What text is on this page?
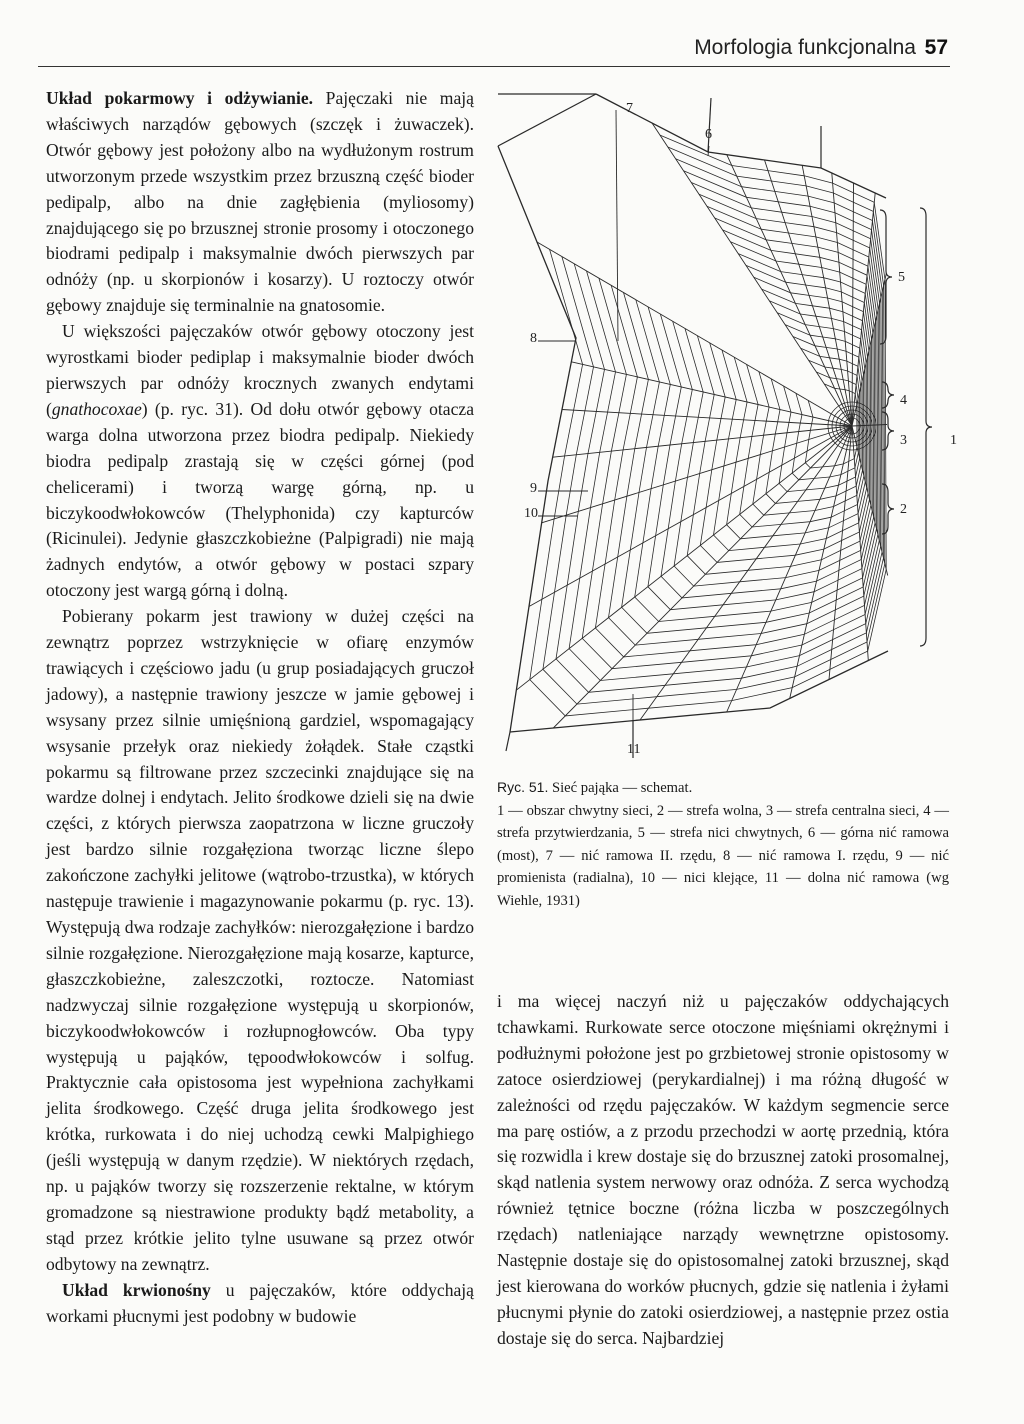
Morfologia funkcjonalna 57

Układ pokarmowy i odżywianie. Pajęczaki nie mają właściwych narządów gębowych (szczęk i żuwaczek). Otwór gębowy jest położony albo na wydłużonym rostrum utworzonym przede wszystkim przez brzuszną część bioder pedipalp, albo na dnie zagłębienia (myliosomy) znajdującego się po brzusznej stronie prosomy i otoczonego biodrami pedipalp i maksymalnie dwóch pierwszych par odnóży (np. u skorpionów i kosarzy). U roztoczy otwór gębowy znajduje się terminalnie na gnatosomie.

U większości pajęczaków otwór gębowy otoczony jest wyrostkami bioder pediplap i maksymalnie bioder dwóch pierwszych par odnóży krocznych zwanych endytami (gnathocoxae) (p. ryc. 31). Od dołu otwór gębowy otacza warga dolna utworzona przez biodra pedipalp. Niekiedy biodra pedipalp zrastają się w części górnej (pod chelicerami) i tworzą wargę górną, np. u biczykoodwłokowców (Thelyphonida) czy kapturców (Ricinulei). Jedynie głaszczkobieżne (Palpigradi) nie mają żadnych endytów, a otwór gębowy w postaci szpary otoczony jest wargą górną i dolną.

Pobierany pokarm jest trawiony w dużej części na zewnątrz poprzez wstrzyknięcie w ofiarę enzymów trawiących i częściowo jadu (u grup posiadających gruczoł jadowy), a następnie trawiony jeszcze w jamie gębowej i wsysany przez silnie umięśnioną gardziel, wspomagający wsysanie przełyk oraz niekiedy żołądek. Stałe cząstki pokarmu są filtrowane przez szczecinki znajdujące się na wardze dolnej i endytach. Jelito środkowe dzieli się na dwie części, z których pierwsza zaopatrzona w liczne gruczoły jest bardzo silnie rozgałęziona tworząc liczne ślepo zakończone zachyłki jelitowe (wątrobo-trzustka), w których następuje trawienie i magazynowanie pokarmu (p. ryc. 13). Występują dwa rodzaje zachyłków: nierozgałęzione i bardzo silnie rozgałęzione. Nierozgałęzione mają kosarze, kapturce, głaszczkobieżne, zaleszczotki, roztocze. Natomiast nadzwyczaj silnie rozgałęzione występują u skorpionów, biczykoodwłokowców i rozłupnogłowców. Oba typy występują u pająków, tępoodwłokowców i solfug. Praktycznie cała opistosoma jest wypełniona zachyłkami jelita środkowego. Część druga jelita środkowego jest krótka, rurkowata i do niej uchodzą cewki Malpighiego (jeśli występują w danym rzędzie). W niektórych rzędach, np. u pająków tworzy się rozszerzenie rektalne, w którym gromadzone są niestrawione produkty bądź metabolity, a stąd przez krótkie jelito tylne usuwane są przez otwór odbytowy na zewnątrz.

Układ krwionośny u pajęczaków, które oddychają workami płucnymi jest podobny w budowie

1
2
3
4
5
6
7
8
9
10
11
Ryc. 51. Sieć pająka — schemat.
1 — obszar chwytny sieci, 2 — strefa wolna, 3 — strefa centralna sieci, 4 — strefa przytwierdzania, 5 — strefa nici chwytnych, 6 — górna nić ramowa (most), 7 — nić ramowa II. rzędu, 8 — nić ramowa I. rzędu, 9 — nić promienista (radialna), 10 — nici klejące, 11 — dolna nić ramowa (wg Wiehle, 1931)

i ma więcej naczyń niż u pajęczaków oddychających tchawkami. Rurkowate serce otoczone mięśniami okrężnymi i podłużnymi położone jest po grzbietowej stronie opistosomy w zatoce osierdziowej (perykardialnej) i ma różną długość w zależności od rzędu pajęczaków. W każdym segmencie serce ma parę ostiów, a z przodu przechodzi w aortę przednią, która się rozwidla i krew dostaje się do brzusznej zatoki prosomalnej, skąd natlenia system nerwowy oraz odnóża. Z serca wychodzą również tętnice boczne (różna liczba w poszczególnych rzędach) natleniające narządy wewnętrzne opistosomy. Następnie dostaje się do opistosomalnej zatoki brzusznej, skąd jest kierowana do worków płucnych, gdzie się natlenia i żyłami płucnymi płynie do zatoki osierdziowej, a następnie przez ostia dostaje się do serca. Najbardziej
